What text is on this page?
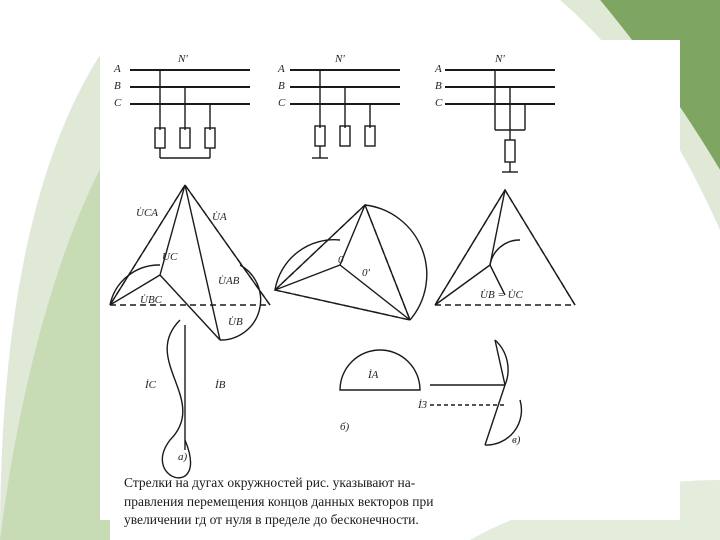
N'
A
B
C
N'
A
B
C
N'
A
B
C
U̇CA	U̇A
U̇C
U̇AB
U̇BC
U̇B
İC	İB
а)
0
0'
İA
б)
U̇B = U̇C
İ3
в)
Стрелки на дугах окружностей рис. указывают на-
правления перемещения концов данных векторов при
увеличении rд от нуля в пределе до бесконечности.
